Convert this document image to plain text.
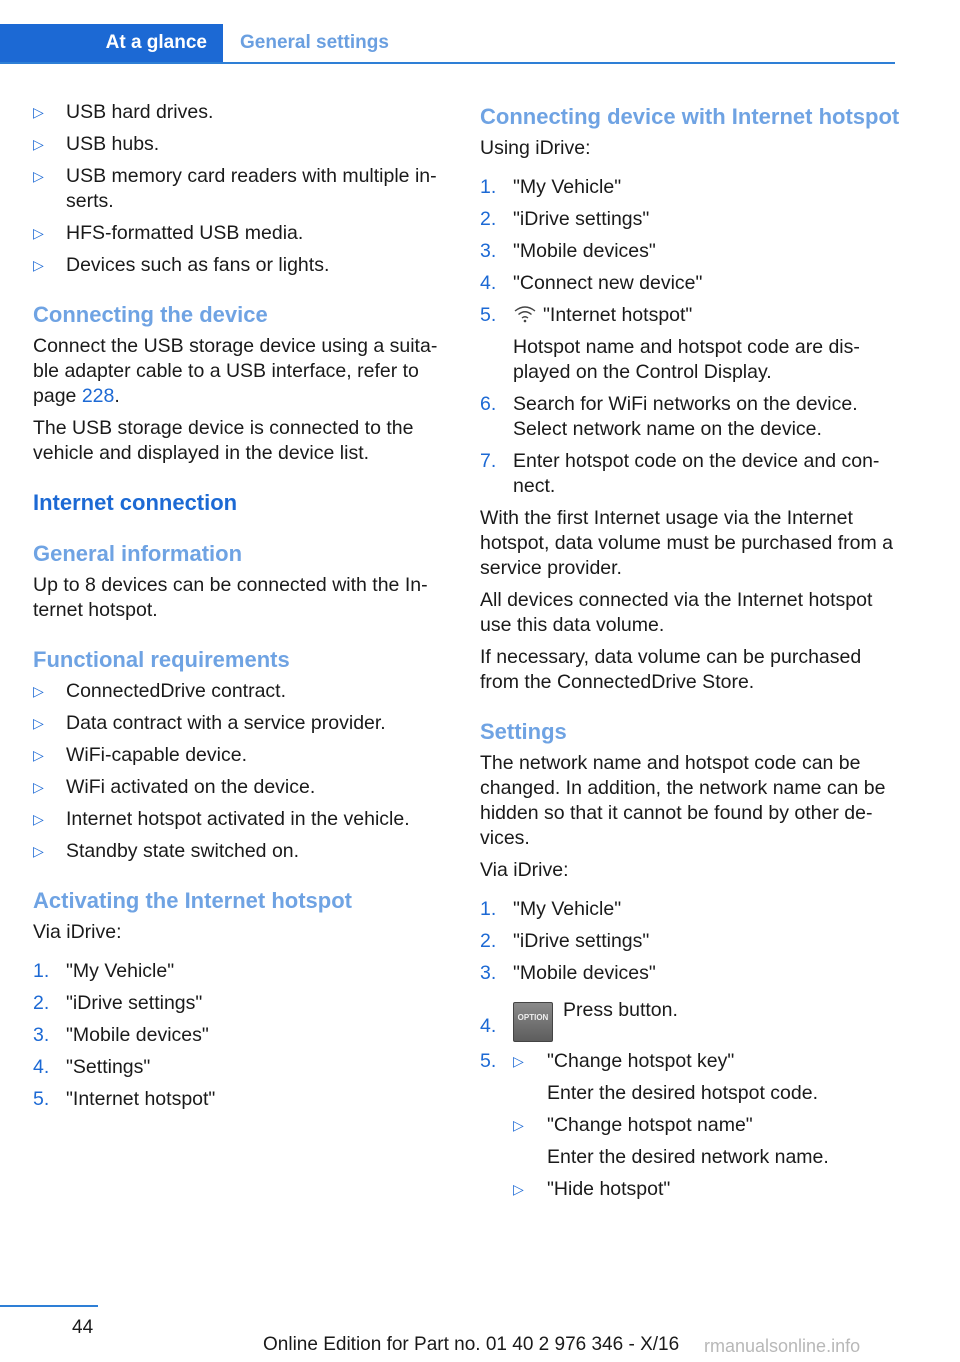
At a glance	General settings
▷ USB hard drives.
▷ USB hubs.
▷ USB memory card readers with multiple inserts.
▷ HFS-formatted USB media.
▷ Devices such as fans or lights.
Connecting the device

Connect the USB storage device using a suitable adapter cable to a USB interface, refer to page 228.

The USB storage device is connected to the vehicle and displayed in the device list.

Internet connection
General information

Up to 8 devices can be connected with the Internet hotspot.

Functional requirements
▷ ConnectedDrive contract.
▷ Data contract with a service provider.
▷ WiFi-capable device.
▷ WiFi activated on the device.
▷ Internet hotspot activated in the vehicle.
▷ Standby state switched on.
Activating the Internet hotspot

Via iDrive:

1. "My Vehicle"
2. "iDrive settings"
3. "Mobile devices"
4. "Settings"
5. "Internet hotspot"
Connecting device with Internet hotspot

Using iDrive:

1. "My Vehicle"
2. "iDrive settings"
3. "Mobile devices"
4. "Connect new device"
5. "Internet hotspot"
Hotspot name and hotspot code are displayed on the Control Display.
6. Search for WiFi networks on the device. Select network name on the device.
7. Enter hotspot code on the device and connect.

With the first Internet usage via the Internet hotspot, data volume must be purchased from a service provider.

All devices connected via the Internet hotspot use this data volume.

If necessary, data volume can be purchased from the ConnectedDrive Store.

Settings

The network name and hotspot code can be changed. In addition, the network name can be hidden so that it cannot be found by other devices.

Via iDrive:

1. "My Vehicle"
2. "iDrive settings"
3. "Mobile devices"
4.	OPTION Press button.
5. ▷ "Change hotspot key"
Enter the desired hotspot code.
▷ "Change hotspot name"
Enter the desired network name.
▷ "Hide hotspot"
44
Online Edition for Part no. 01 40 2 976 346 - X/16 rmanualsonline.info
